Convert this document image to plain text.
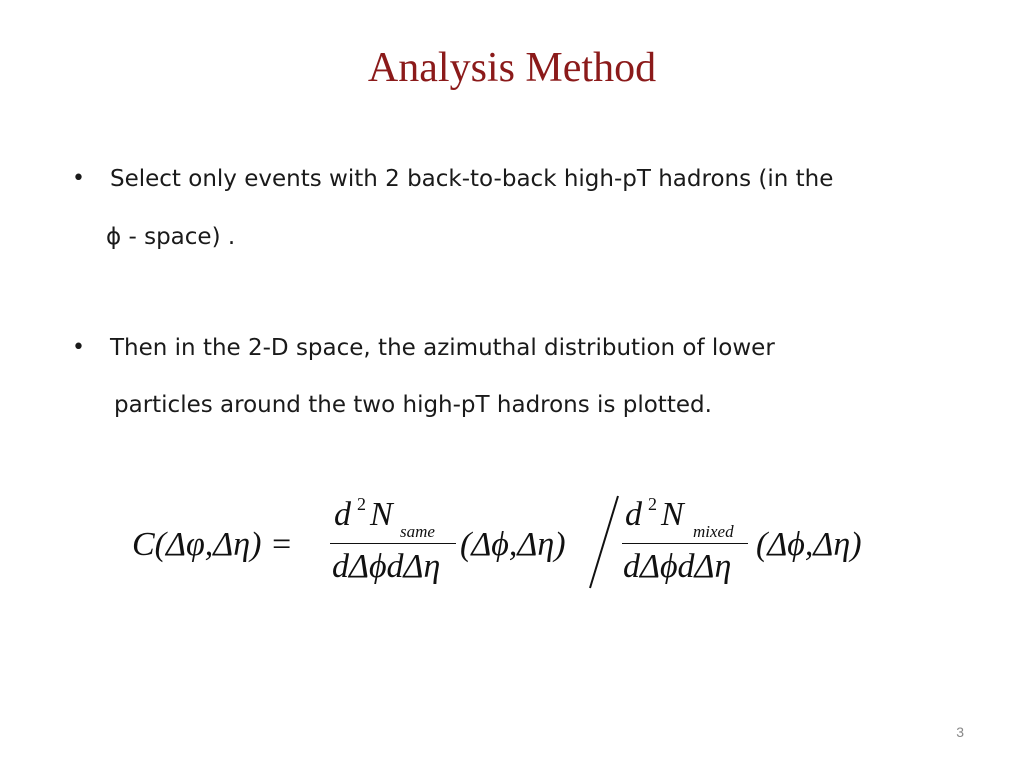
Analysis Method
• Select only events with 2 back-to-back high-pT hadrons (in the
ϕ - space) .
• Then in the 2-D space, the azimuthal distribution of lower
particles around the two high-pT hadrons is plotted.
C(Δφ,Δη) =
d 2 N same
dΔϕdΔη
(Δϕ,Δη)
d 2 N mixed
dΔϕdΔη
(Δϕ,Δη)
3
